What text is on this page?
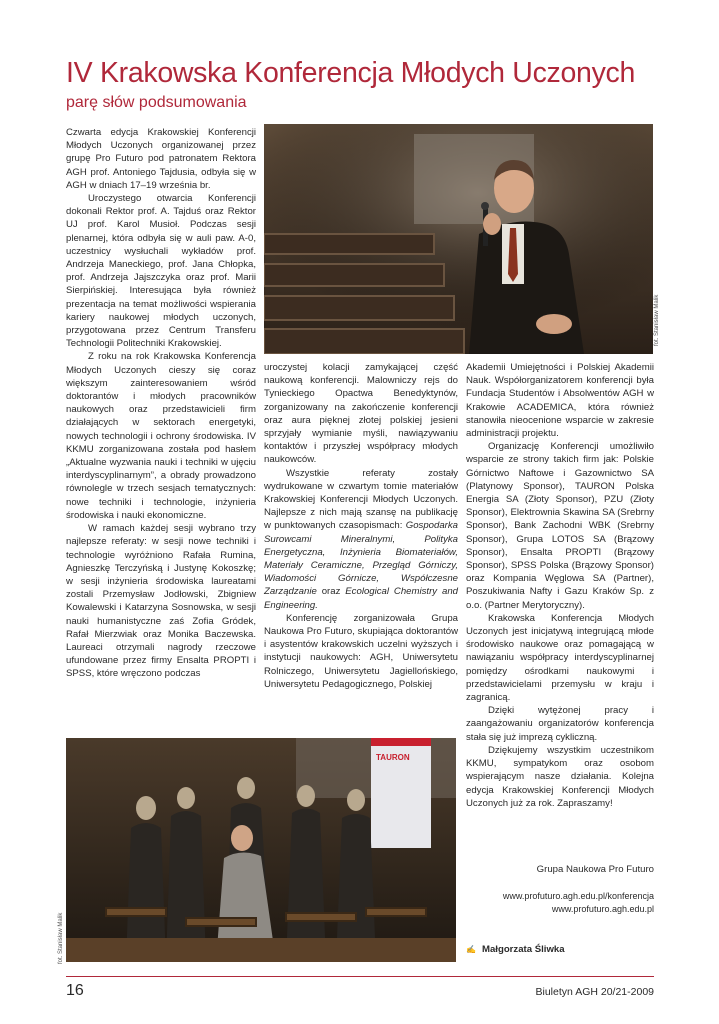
IV Krakowska Konferencja Młodych Uczonych
parę słów podsumowania

Czwarta edycja Krakowskiej Konferencji Młodych Uczonych organizowanej przez grupę Pro Futuro pod patronatem Rektora AGH prof. Antoniego Tajdusia, odbyła się w AGH w dniach 17–19 września br.

Uroczystego otwarcia Konferencji dokonali Rektor prof. A. Tajduś oraz Rektor UJ prof. Karol Musioł. Podczas sesji plenarnej, która odbyła się w auli paw. A-0, uczestnicy wysłuchali wykładów prof. Andrzeja Maneckiego, prof. Jana Chłopka, prof. Andrzeja Jajszczyka oraz prof. Marii Sierpińskiej. Interesująca była również prezentacja na temat możliwości wspierania kariery naukowej młodych uczonych, przygotowana przez Centrum Transferu Technologii Politechniki Krakowskiej.

Z roku na rok Krakowska Konferencja Młodych Uczonych cieszy się coraz większym zainteresowaniem wśród doktorantów i młodych pracowników naukowych oraz przedstawicieli firm działających w sektorach energetyki, nowych technologii i ochrony środowiska. IV KKMU zorganizowana została pod hasłem „Aktualne wyzwania nauki i techniki w ujęciu interdyscyplinarnym”, a obrady prowadzono równolegle w trzech sesjach tematycznych: nowe techniki i technologie, inżynieria środowiska i nauki ekonomiczne.

W ramach każdej sesji wybrano trzy najlepsze referaty: w sesji nowe techniki i technologie wyróżniono Rafała Rumina, Agnieszkę Terczyńską i Justynę Kokoszkę; w sesji inżynieria środowiska laureatami zostali Przemysław Jodłowski, Zbigniew Kowalewski i Katarzyna Sosnowska, w sesji nauki humanistyczne zaś Zofia Gródek, Rafał Mierzwiak oraz Monika Baczewska. Laureaci otrzymali nagrody rzeczowe ufundowane przez firmy Ensalta PROPTI i SPSS, które wręczono podczas

fot. Stanisław Malik

uroczystej kolacji zamykającej część naukową konferencji. Malowniczy rejs do Tynieckiego Opactwa Benedyktynów, zorganizowany na zakończenie konferencji oraz aura pięknej złotej polskiej jesieni sprzyjały wymianie myśli, nawiązywaniu kontaktów i przyszłej współpracy młodych naukowców.

Wszystkie referaty zostały wydrukowane w czwartym tomie materiałów Krakowskiej Konferencji Młodych Uczonych. Najlepsze z nich mają szansę na publikację w punktowanych czasopismach: Gospodarka Surowcami Mineralnymi, Polityka Energetyczna, Inżynieria Biomateriałów, Materiały Ceramiczne, Przegląd Górniczy, Wiadomości Górnicze, Współczesne Zarządzanie oraz Ecological Chemistry and Engineering.

Konferencję zorganizowała Grupa Naukowa Pro Futuro, skupiająca doktorantów i asystentów krakowskich uczelni wyższych i instytucji naukowych: AGH, Uniwersytetu Rolniczego, Uniwersytetu Jagiellońskiego, Uniwersytetu Pedagogicznego, Polskiej

Akademii Umiejętności i Polskiej Akademii Nauk. Współorganizatorem konferencji była Fundacja Studentów i Absolwentów AGH w Krakowie ACADEMICA, która również stanowiła nieocenione wsparcie w zakresie administracji projektu.

Organizację Konferencji umożliwiło wsparcie ze strony takich firm jak: Polskie Górnictwo Naftowe i Gazownictwo SA (Platynowy Sponsor), TAURON Polska Energia SA (Złoty Sponsor), PZU (Złoty Sponsor), Elektrownia Skawina SA (Srebrny Sponsor), Bank Zachodni WBK (Srebrny Sponsor), Grupa LOTOS SA (Brązowy Sponsor), Ensalta PROPTI (Brązowy Sponsor), SPSS Polska (Brązowy Sponsor) oraz Kompania Węglowa SA (Partner), Poszukiwania Nafty i Gazu Kraków Sp. z o.o. (Partner Merytoryczny).

Krakowska Konferencja Młodych Uczonych jest inicjatywą integrującą młode środowisko naukowe oraz pomagającą w nawiązaniu współpracy interdyscyplinarnej pomiędzy ośrodkami naukowymi i przedstawicielami przemysłu w kraju i zagranicą.

Dzięki wytężonej pracy i zaangażowaniu organizatorów konferencja stała się już imprezą cykliczną.

Dziękujemy wszystkim uczestnikom KKMU, sympatykom oraz osobom wspierającym nasze działania. Kolejna edycja Krakowskiej Konferencji Młodych Uczonych już za rok. Zapraszamy!

TAURON
fot. Stanisław Malik
Grupa Naukowa Pro Futuro
www.profuturo.agh.edu.pl/konferencja
www.profuturo.agh.edu.pl
✍ Małgorzata Śliwka
16	Biuletyn AGH 20/21-2009
